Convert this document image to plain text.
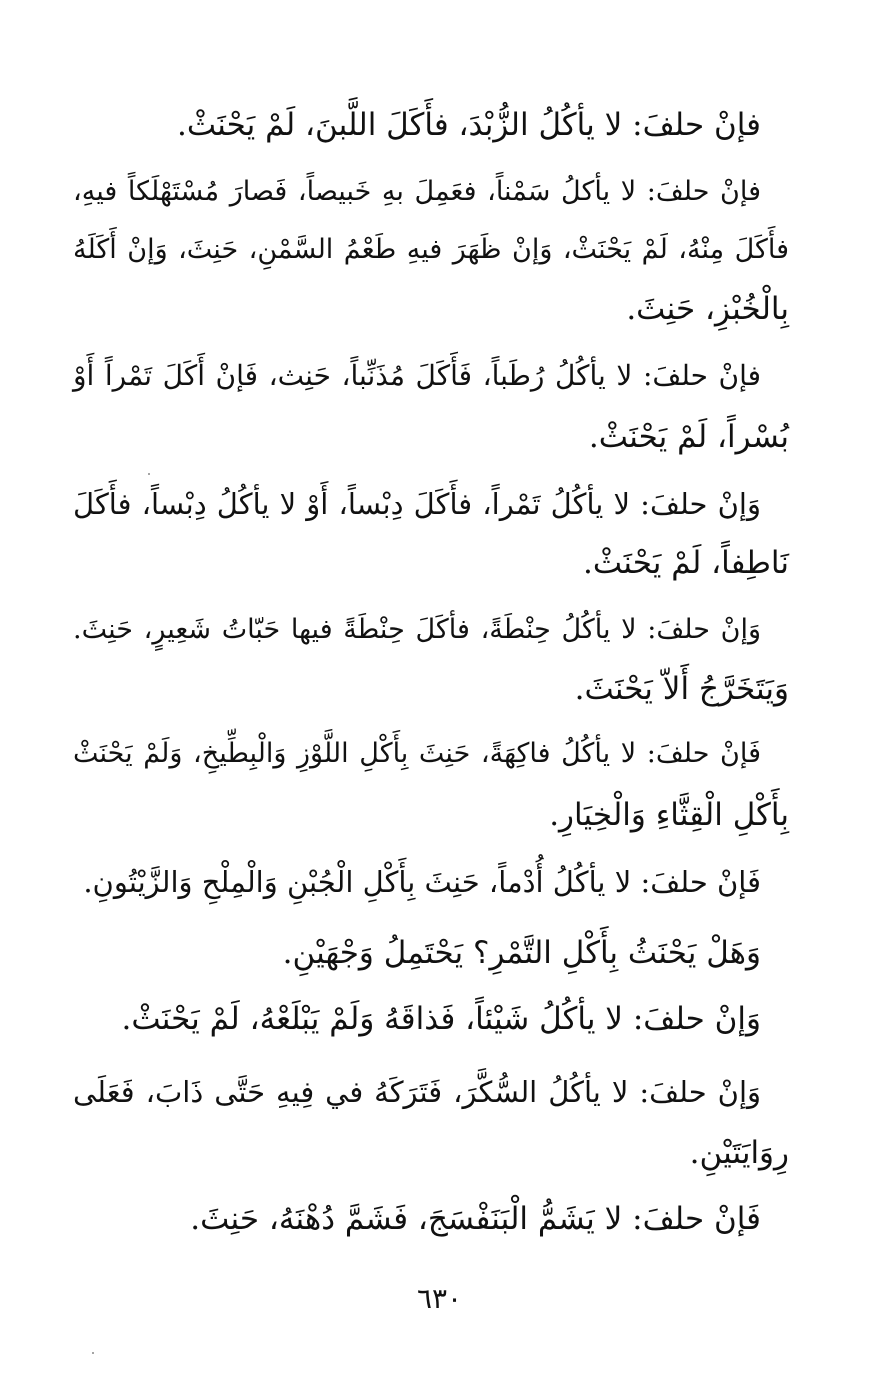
فإنْ حلفَ: لا يأكُلُ الزُّبْدَ، فأَكَلَ اللَّبنَ، لَمْ يَحْنَثْ.
فإنْ حلفَ: لا يأكلُ سَمْناً، فعَمِلَ بهِ خَبيصاً، فَصارَ مُسْتَهْلَكاً فيهِ،
فأَكَلَ مِنْهُ، لَمْ يَحْنَثْ، وَإنْ ظَهَرَ فيهِ طَعْمُ السَّمْنِ، حَنِثَ، وَإنْ أَكَلَهُ
بِالْخُبْزِ، حَنِثَ.
فإنْ حلفَ: لا يأكُلُ رُطَباً، فَأَكَلَ مُذَنِّباً، حَنِث، فَإنْ أَكَلَ تَمْراً أَوْ
بُسْراً، لَمْ يَحْنَثْ.
وَإنْ حلفَ: لا يأكُلُ تَمْراً، فأَكَلَ دِبْساً، أَوْ لا يأكُلُ دِبْساً، فأَكَلَ
نَاطِفاً، لَمْ يَحْنَثْ.
وَإنْ حلفَ: لا يأكُلُ حِنْطَةً، فأكَلَ حِنْطَةً فيها حَبّاتُ شَعِيرٍ، حَنِثَ.
وَيَتَخَرَّجُ أَلاّ يَحْنَثَ.
فَإنْ حلفَ: لا يأكُلُ فاكِهَةً، حَنِثَ بِأَكْلِ اللَّوْزِ وَالْبِطِّيخِ، وَلَمْ يَحْنَثْ
بِأَكْلِ الْقِثَّاءِ وَالْخِيَارِ.
فَإنْ حلفَ: لا يأكُلُ أُدْماً، حَنِثَ بِأَكْلِ الْجُبْنِ وَالْمِلْحِ وَالزَّيْتُونِ.
وَهَلْ يَحْنَثُ بِأَكْلِ التَّمْرِ؟ يَحْتَمِلُ وَجْهَيْنِ.
وَإنْ حلفَ: لا يأكُلُ شَيْئاً، فَذاقَهُ وَلَمْ يَبْلَعْهُ، لَمْ يَحْنَثْ.
وَإنْ حلفَ: لا يأكُلُ السُّكَّرَ، فَتَرَكَهُ في فِيهِ حَتَّى ذَابَ، فَعَلَى
رِوَايَتَيْنِ.
فَإنْ حلفَ: لا يَشَمُّ الْبَنَفْسَجَ، فَشَمَّ دُهْنَهُ، حَنِثَ.
٦٣٠
